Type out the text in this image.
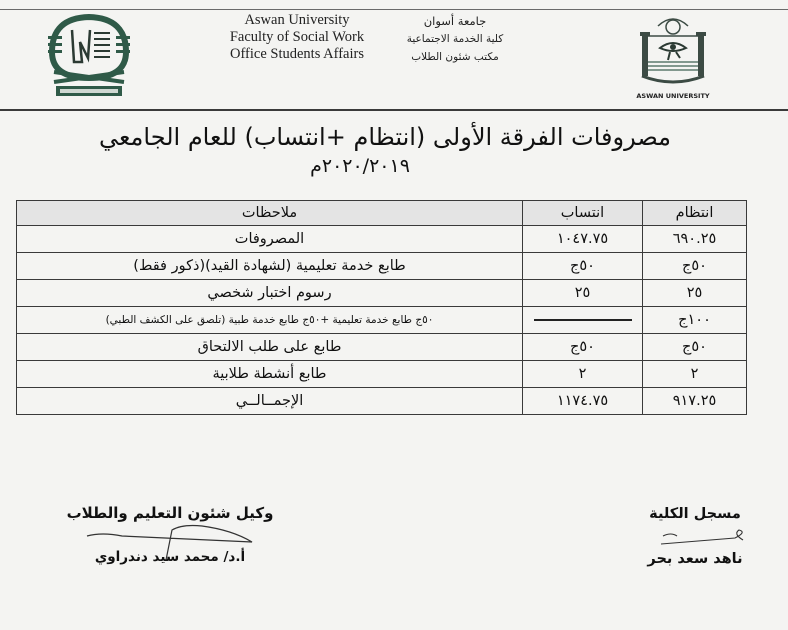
Aswan University
Faculty of Social Work
Office Students Affairs
جامعة أسوان
كلية الخدمة الاجتماعية
مكتب شئون الطلاب
ASWAN UNIVERSITY
مصروفات الفرقة الأولى (انتظام +انتساب) للعام الجامعي
٢٠٢٠/٢٠١٩م
انتظام	انتساب	ملاحظات
٦٩٠.٢٥	١٠٤٧.٧٥	المصروفات
٥٠ج	٥٠ج	طابع خدمة تعليمية (لشهادة القيد)(ذكور فقط)
٢٥	٢٥	رسوم اختبار شخصي
١٠٠ج		٥٠ج طابع خدمة تعليمية +٥٠ج طابع خدمة طبية (تلصق على الكشف الطبي)
٥٠ج	٥٠ج	طابع على طلب الالتحاق
٢	٢	طابع أنشطة طلابية
٩١٧.٢٥	١١٧٤.٧٥	الإجمــالــي
وكيل شئون التعليم والطلاب
أ.د/ محمد سيد دندراوي
مسجل الكلية
ناهد سعد بحر
